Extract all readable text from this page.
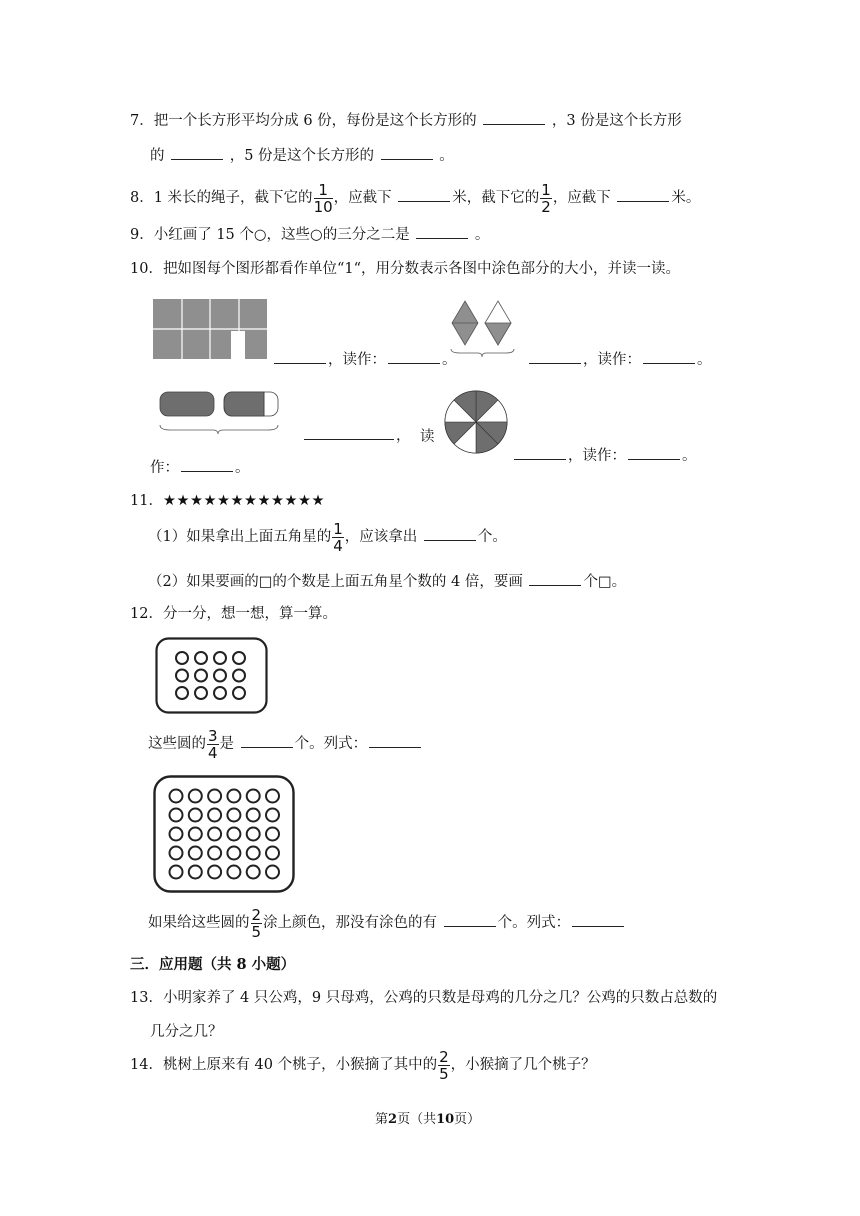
7．把一个长方形平均分成 6 份，每份是这个长方形的	，3 份是这个长方形
的	，5 份是这个长方形的	。
8．1 米长的绳子，截下它的 $\frac{1}{10}$ ，应截下	米，截下它的 $\frac{1}{2}$ ，应截下	米。
9．小红画了 15 个○，这些○的三分之二是	。
10．把如图每个图形都看作单位“1“，用分数表示各图中涂色部分的大小，并读一读。
，读作：	。	，读作：	。
， 读
作：	。
，读作：	。
11．★★★★★★★★★★★★
（1）如果拿出上面五角星的 $\frac{1}{4}$ ，应该拿出	个。
（2）如果要画的□的个数是上面五角星个数的 4 倍，要画	个□。
12．分一分，想一想，算一算。
这些圆的 $\frac{3}{4}$ 是	个。列式：
如果给这些圆的 $\frac{2}{5}$ 涂上颜色，那没有涂色的有	个。列式：
三．应用题（共 8 小题）
13．小明家养了 4 只公鸡，9 只母鸡，公鸡的只数是母鸡的几分之几？公鸡的只数占总数的
几分之几？
14．桃树上原来有 40 个桃子，小猴摘了其中的 $\frac{2}{5}$ ，小猴摘了几个桃子？
第2页（共10页）
